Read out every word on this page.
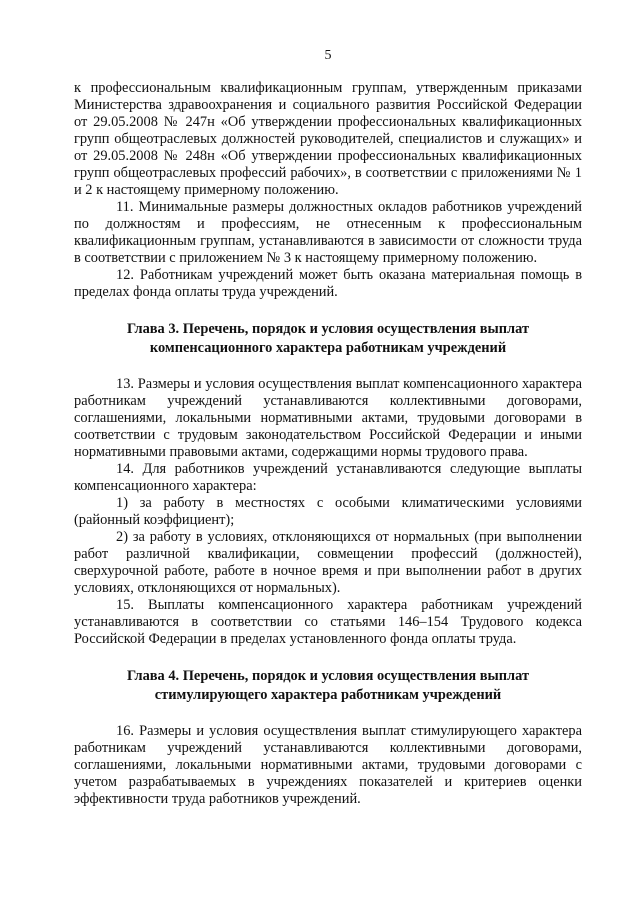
5

к профессиональным квалификационным группам, утвержденным приказами Министерства здравоохранения и социального развития Российской Федерации от 29.05.2008 № 247н «Об утверждении профессиональных квалификационных групп общеотраслевых должностей руководителей, специалистов и служащих» и от 29.05.2008 № 248н «Об утверждении профессиональных квалификационных групп общеотраслевых профессий рабочих», в соответствии с приложениями № 1 и 2 к настоящему примерному положению.

11. Минимальные размеры должностных окладов работников учреждений по должностям и профессиям, не отнесенным к профессиональным квалификационным группам, устанавливаются в зависимости от сложности труда в соответствии с приложением № 3 к настоящему примерному положению.

12. Работникам учреждений может быть оказана материальная помощь в пределах фонда оплаты труда учреждений.

Глава 3. Перечень, порядок и условия осуществления выплат
компенсационного характера работникам учреждений

13. Размеры и условия осуществления выплат компенсационного характера работникам учреждений устанавливаются коллективными договорами, соглашениями, локальными нормативными актами, трудовыми договорами в соответствии с трудовым законодательством Российской Федерации и иными нормативными правовыми актами, содержащими нормы трудового права.

14. Для работников учреждений устанавливаются следующие выплаты компенсационного характера:

1) за работу в местностях с особыми климатическими условиями (районный коэффициент);

2) за работу в условиях, отклоняющихся от нормальных (при выполнении работ различной квалификации, совмещении профессий (должностей), сверхурочной работе, работе в ночное время и при выполнении работ в других условиях, отклоняющихся от нормальных).

15. Выплаты компенсационного характера работникам учреждений устанавливаются в соответствии со статьями 146–154 Трудового кодекса Российской Федерации в пределах установленного фонда оплаты труда.

Глава 4. Перечень, порядок и условия осуществления выплат
стимулирующего характера работникам учреждений

16. Размеры и условия осуществления выплат стимулирующего характера работникам учреждений устанавливаются коллективными договорами, соглашениями, локальными нормативными актами, трудовыми договорами с учетом разрабатываемых в учреждениях показателей и критериев оценки эффективности труда работников учреждений.
